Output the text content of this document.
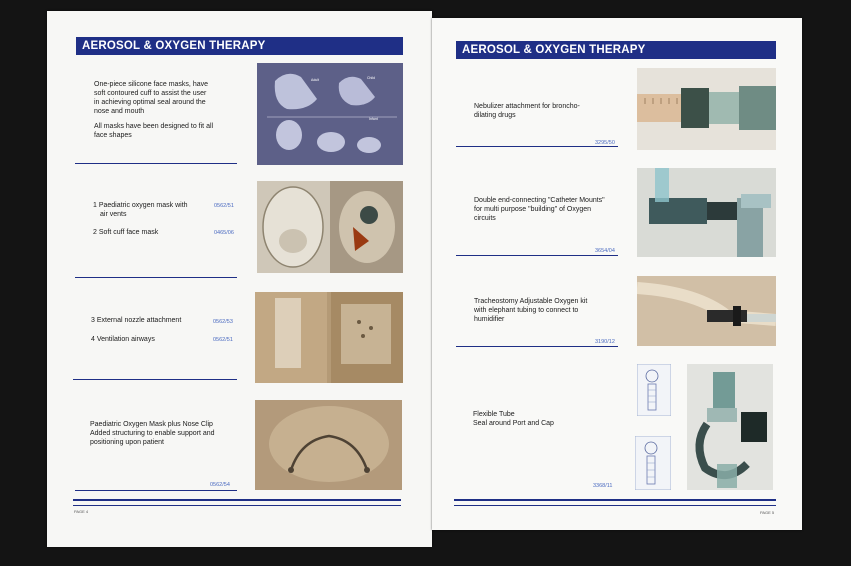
AEROSOL & OXYGEN THERAPY
One-piece silicone face masks, have
soft contoured cuff to assist the user
in achieving optimal seal around the
nose and mouth
All masks have been designed to fit all
face shapes
Adult	Child
Infant
1 Paediatric oxygen mask with
air vents
0562/51
2 Soft cuff face mask	0465/06
3 External nozzle attachment	0562/53
4 Ventilation airways	0562/51
Paediatric Oxygen Mask plus Nose Clip
Added structuring to enable support and
positioning upon patient
0562/54
PAGE 4
AEROSOL & OXYGEN THERAPY
Nebulizer attachment for broncho-
dilating drugs
3295/50
Double end-connecting "Catheter Mounts"
for multi purpose "building" of Oxygen
circuits
3654/04
Tracheostomy Adjustable Oxygen kit
with elephant tubing to connect to
humidifier
3190/12
Flexible Tube
Seal around Port and Cap
3368/11
PAGE 5
